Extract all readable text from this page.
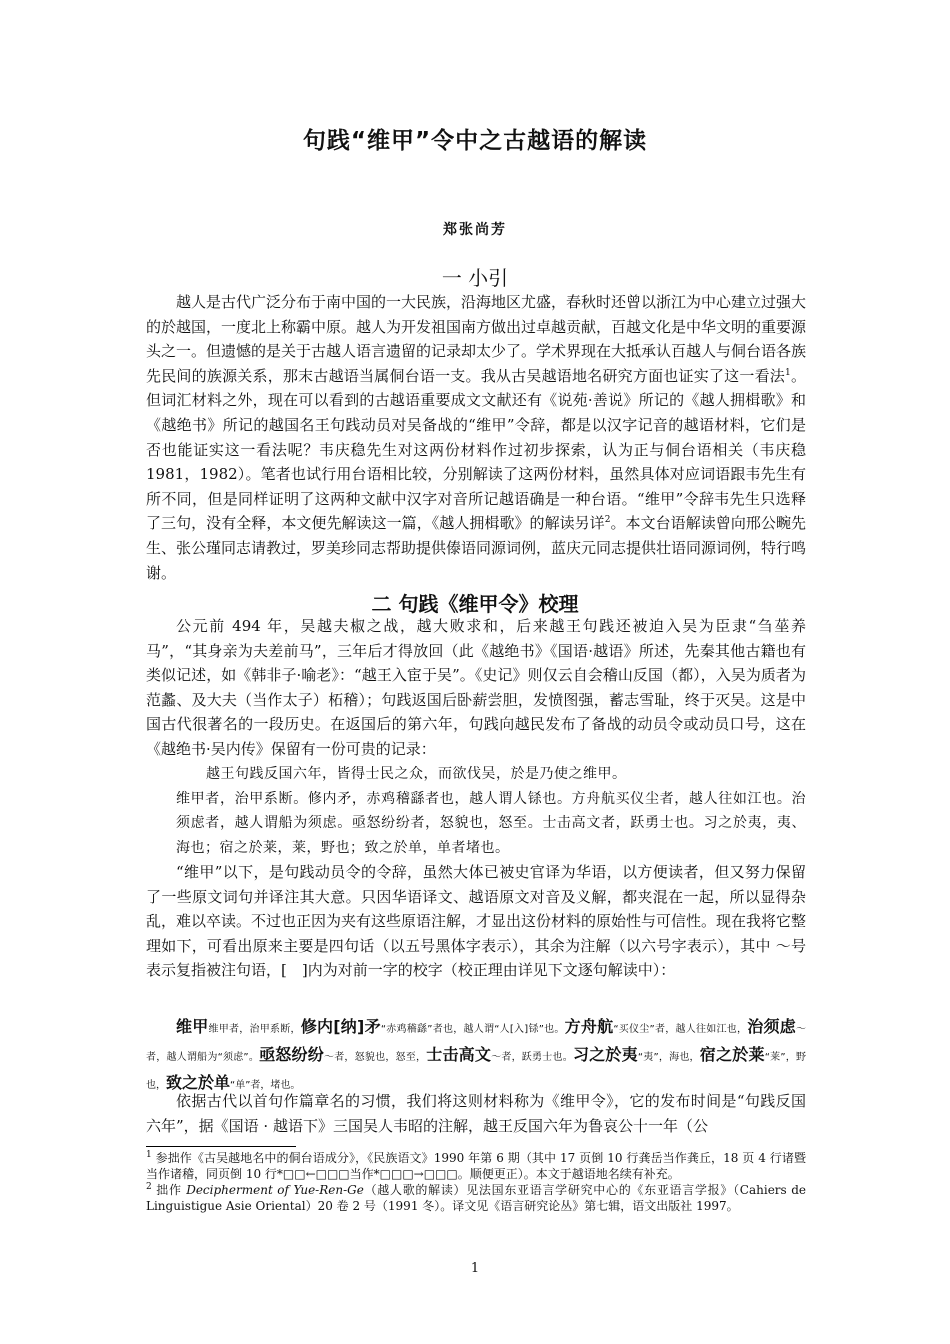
句践“维甲”令中之古越语的解读
郑张尚芳
一 小引

越人是古代广泛分布于南中国的一大民族，沿海地区尤盛，春秋时还曾以浙江为中心建立过强大的於越国，一度北上称霸中原。越人为开发祖国南方做出过卓越贡献，百越文化是中华文明的重要源头之一。但遗憾的是关于古越人语言遗留的记录却太少了。学术界现在大抵承认百越人与侗台语各族先民间的族源关系，那末古越语当属侗台语一支。我从古吴越语地名研究方面也证实了这一看法$^1$。但词汇材料之外，现在可以看到的古越语重要成文文献还有《说苑·善说》所记的《越人拥楫歌》和《越绝书》所记的越国名王句践动员对吴备战的“维甲”令辞，都是以汉字记音的越语材料，它们是否也能证实这一看法呢？韦庆稳先生对这两份材料作过初步探索，认为正与侗台语相关（韦庆稳 1981，1982）。笔者也试行用台语相比较，分别解读了这两份材料，虽然具体对应词语跟韦先生有所不同，但是同样证明了这两种文献中汉字对音所记越语确是一种台语。“维甲”令辞韦先生只选释了三句，没有全释，本文便先解读这一篇，《越人拥楫歌》的解读另详$^2$。本文台语解读曾向邢公畹先生、张公瑾同志请教过，罗美珍同志帮助提供傣语同源词例，蓝庆元同志提供壮语同源词例，特行鸣谢。

二 句践《维甲令》校理

公元前 494 年，吴越夫椒之战，越大败求和，后来越王句践还被迫入吴为臣隶“刍莝养马”，“其身亲为夫差前马”，三年后才得放回（此《越绝书》《国语·越语》所述，先秦其他古籍也有类似记述，如《韩非子·喻老》：“越王入宦于吴”。《史记》则仅云自会稽山反国（都），入吴为质者为范蠡、及大夫（当作太子）柘稽）；句践返国后卧薪尝胆，发愤图强，蓄志雪耻，终于灭吴。这是中国古代很著名的一段历史。在返国后的第六年，句践向越民发布了备战的动员令或动员口号，这在《越绝书·吴内传》保留有一份可贵的记录：

越王句践反国六年，皆得士民之众，而欲伐吴，於是乃使之维甲。
维甲者，治甲系断。修内矛，赤鸡稽繇者也，越人谓人铩也。方舟航买仪尘者，越人往如江也。治须虑者，越人谓船为须虑。亟怒纷纷者，怒貌也，怒至。士击高文者，跃勇士也。习之於夷，夷、海也；宿之於莱，莱，野也；致之於单，单者堵也。

“维甲”以下，是句践动员令的令辞，虽然大体已被史官译为华语，以方便读者，但又努力保留了一些原文词句并译注其大意。只因华语译文、越语原文对音及义解，都夹混在一起，所以显得杂乱，难以卒读。不过也正因为夹有这些原语注解，才显出这份材料的原始性与可信性。现在我将它整理如下，可看出原来主要是四句话（以五号黑体字表示），其余为注解（以六号字表示），其中 ～号表示复指被注句语，[　]内为对前一字的校字（校正理由详见下文逐句解读中）：

维甲维甲者，治甲系断，修内[纳]矛“赤鸡稽繇”者也，越人谓“人[入]铩”也。方舟航“买仪尘”者，越人往如江也，治须虑～者，越人谓船为“须虑”。亟怒纷纷～者，怒貌也，怒至，士击高文～者，跃勇士也。习之於夷“夷”，海也，宿之於莱“莱”，野也，致之於单“单”者，堵也。

依据古代以首句作篇章名的习惯，我们将这则材料称为《维甲令》，它的发布时间是“句践反国六年”，据《国语 · 越语下》三国吴人韦昭的注解，越王反国六年为鲁哀公十一年（公

$^1$ 参拙作《古吴越地名中的侗台语成分》，《民族语文》1990 年第 6 期（其中 17 页倒 10 行龚岳当作龚丘，18 页 4 行诸暨当作诸稽，同页倒 10 行*□□←□□□当作*□□□→□□□。顺便更正）。本文于越语地名续有补充。

$^2$ 拙作 Decipherment of Yue-Ren-Ge（越人歌的解读）见法国东亚语言学研究中心的《东亚语言学报》（Cahiers de Linguistigue Asie Oriental）20 卷 2 号（1991 冬）。译文见《语言研究论丛》第七辑，语文出版社 1997。

1
